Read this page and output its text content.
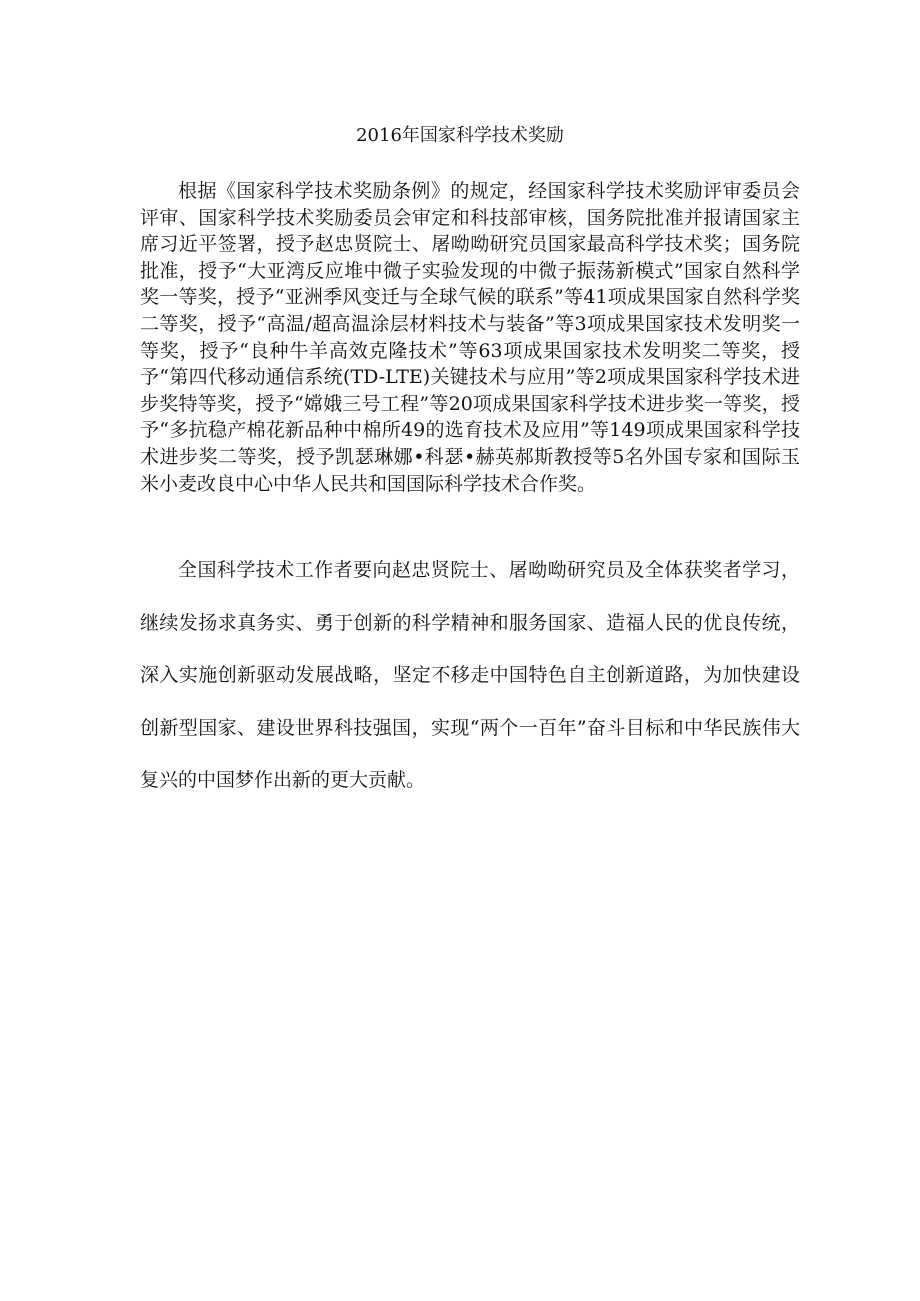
2016年国家科学技术奖励

根据《国家科学技术奖励条例》的规定，经国家科学技术奖励评审委员会评审、国家科学技术奖励委员会审定和科技部审核，国务院批准并报请国家主席习近平签署，授予赵忠贤院士、屠呦呦研究员国家最高科学技术奖；国务院批准，授予“大亚湾反应堆中微子实验发现的中微子振荡新模式”国家自然科学奖一等奖，授予“亚洲季风变迁与全球气候的联系”等41项成果国家自然科学奖二等奖，授予“高温/超高温涂层材料技术与装备”等3项成果国家技术发明奖一等奖，授予“良种牛羊高效克隆技术”等63项成果国家技术发明奖二等奖，授予“第四代移动通信系统(TD-LTE)关键技术与应用”等2项成果国家科学技术进步奖特等奖，授予“嫦娥三号工程”等20项成果国家科学技术进步奖一等奖，授予“多抗稳产棉花新品种中棉所49的选育技术及应用”等149项成果国家科学技术进步奖二等奖，授予凯瑟琳娜•科瑟•赫英郝斯教授等5名外国专家和国际玉米小麦改良中心中华人民共和国国际科学技术合作奖。

全国科学技术工作者要向赵忠贤院士、屠呦呦研究员及全体获奖者学习，继续发扬求真务实、勇于创新的科学精神和服务国家、造福人民的优良传统，深入实施创新驱动发展战略，坚定不移走中国特色自主创新道路，为加快建设创新型国家、建设世界科技强国，实现“两个一百年”奋斗目标和中华民族伟大复兴的中国梦作出新的更大贡献。
